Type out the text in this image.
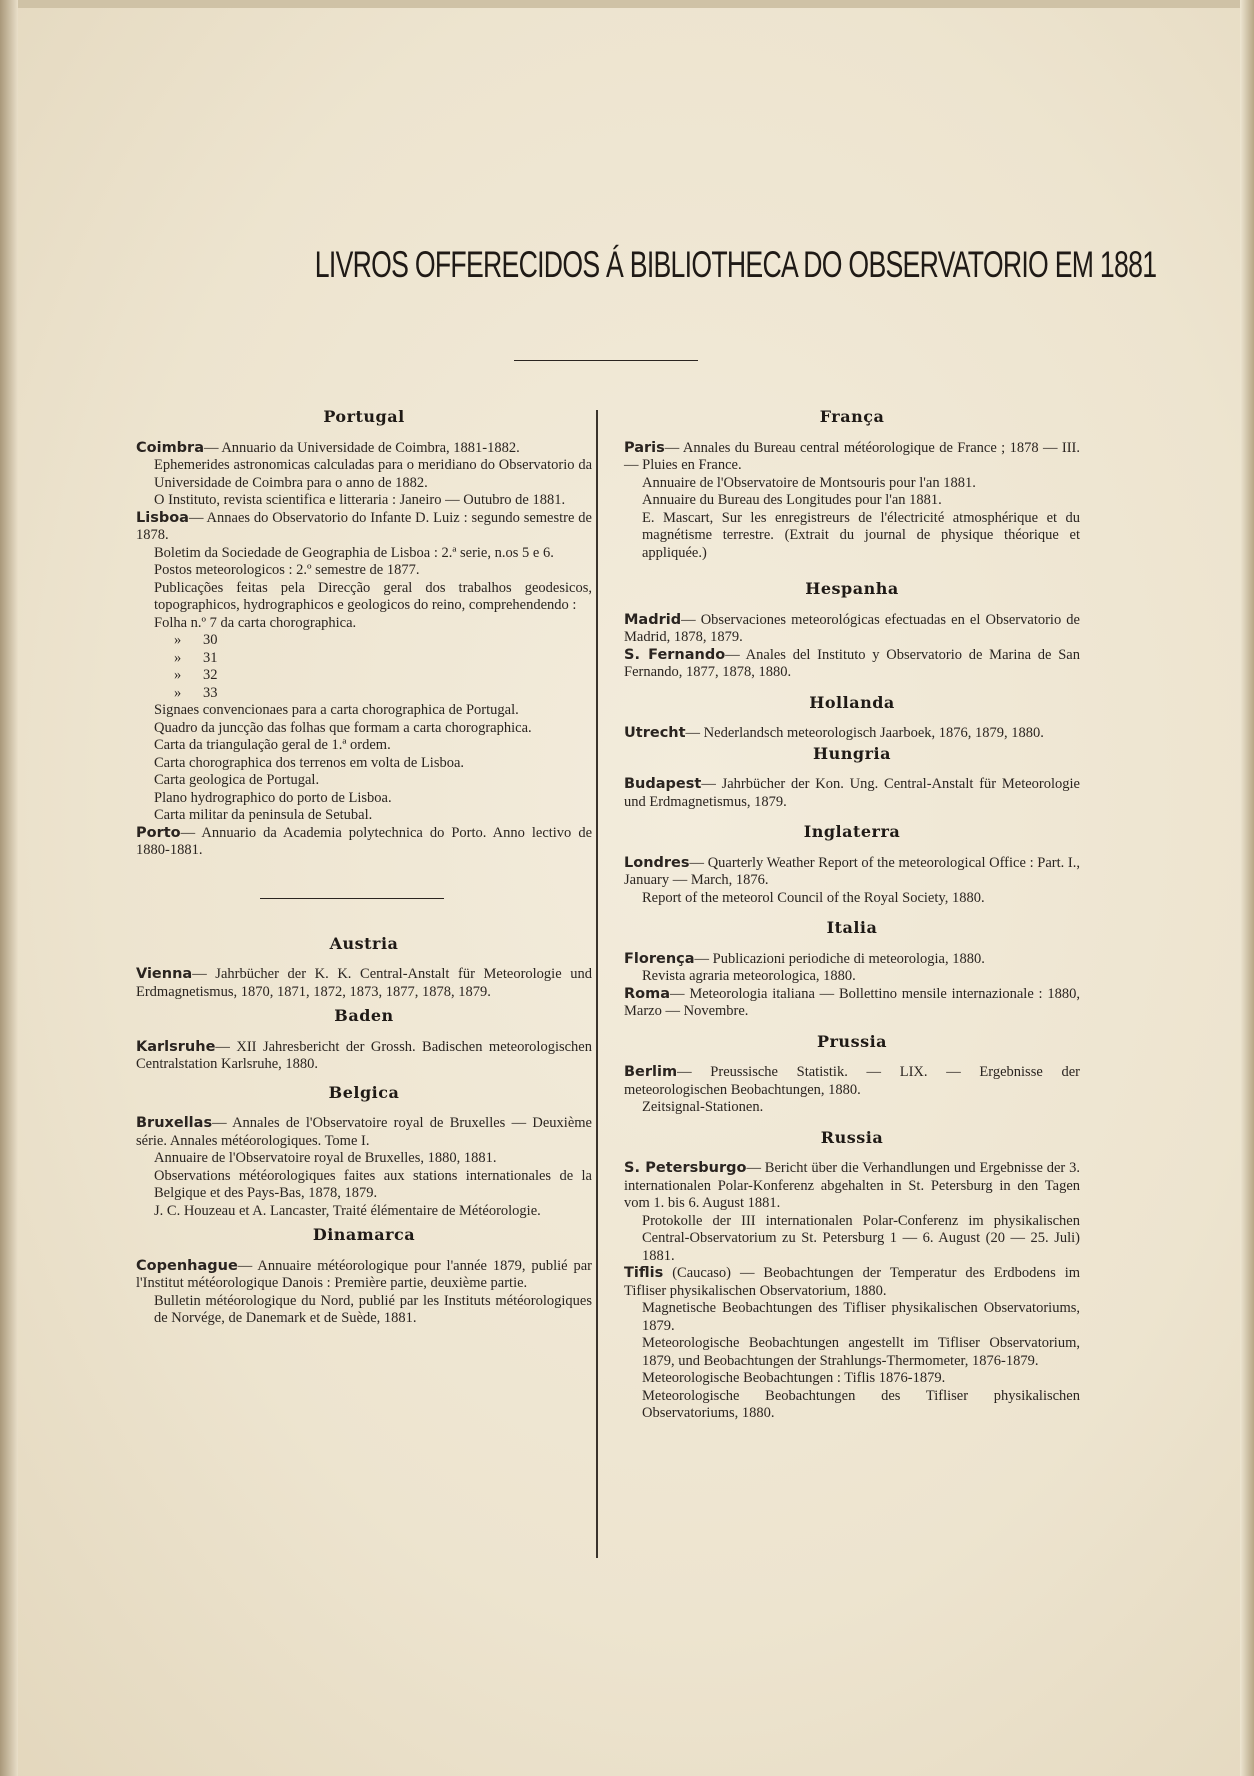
LIVROS OFFERECIDOS Á BIBLIOTHECA DO OBSERVATORIO EM 1881

Portugal

Coimbra— Annuario da Universidade de Coimbra, 1881-1882.

Ephemerides astronomicas calculadas para o meridiano do Observatorio da Universidade de Coimbra para o anno de 1882.

O Instituto, revista scientifica e litteraria : Janeiro — Outubro de 1881.

Lisboa— Annaes do Observatorio do Infante D. Luiz : segundo semestre de 1878.

Boletim da Sociedade de Geographia de Lisboa : 2.ª serie, n.os 5 e 6.

Postos meteorologicos : 2.º semestre de 1877.

Publicações feitas pela Direcção geral dos trabalhos geodesicos, topographicos, hydrographicos e geologicos do reino, comprehendendo :

Folha n.º 7 da carta chorographica.

»      30

»      31

»      32

»      33

Signaes convencionaes para a carta chorographica de Portugal.

Quadro da juncção das folhas que formam a carta chorographica.

Carta da triangulação geral de 1.ª ordem.

Carta chorographica dos terrenos em volta de Lisboa.

Carta geologica de Portugal.

Plano hydrographico do porto de Lisboa.

Carta militar da peninsula de Setubal.

Porto— Annuario da Academia polytechnica do Porto. Anno lectivo de 1880-1881.

Austria

Vienna— Jahrbücher der K. K. Central-Anstalt für Meteorologie und Erdmagnetismus, 1870, 1871, 1872, 1873, 1877, 1878, 1879.

Baden

Karlsruhe— XII Jahresbericht der Grossh. Badischen meteorologischen Centralstation Karlsruhe, 1880.

Belgica

Bruxellas— Annales de l'Observatoire royal de Bruxelles — Deuxième série. Annales météorologiques. Tome I.

Annuaire de l'Observatoire royal de Bruxelles, 1880, 1881.

Observations météorologiques faites aux stations internationales de la Belgique et des Pays-Bas, 1878, 1879.

J. C. Houzeau et A. Lancaster, Traité élémentaire de Météorologie.

Dinamarca

Copenhague— Annuaire météorologique pour l'année 1879, publié par l'Institut météorologique Danois : Première partie, deuxième partie.

Bulletin météorologique du Nord, publié par les Instituts météorologiques de Norvége, de Danemark et de Suède, 1881.

França

Paris— Annales du Bureau central météorologique de France ; 1878 — III. — Pluies en France.

Annuaire de l'Observatoire de Montsouris pour l'an 1881.

Annuaire du Bureau des Longitudes pour l'an 1881.

E. Mascart, Sur les enregistreurs de l'électricité atmosphérique et du magnétisme terrestre. (Extrait du journal de physique théorique et appliquée.)

Hespanha

Madrid— Observaciones meteorológicas efectuadas en el Observatorio de Madrid, 1878, 1879.

S. Fernando— Anales del Instituto y Observatorio de Marina de San Fernando, 1877, 1878, 1880.

Hollanda

Utrecht— Nederlandsch meteorologisch Jaarboek, 1876, 1879, 1880.

Hungria

Budapest— Jahrbücher der Kon. Ung. Central-Anstalt für Meteorologie und Erdmagnetismus, 1879.

Inglaterra

Londres— Quarterly Weather Report of the meteorological Office : Part. I., January — March, 1876.

Report of the meteorol Council of the Royal Society, 1880.

Italia

Florença— Publicazioni periodiche di meteorologia, 1880.

Revista agraria meteorologica, 1880.

Roma— Meteorologia italiana — Bollettino mensile internazionale : 1880, Marzo — Novembre.

Prussia

Berlim— Preussische Statistik. — LIX. — Ergebnisse der meteorologischen Beobachtungen, 1880.

Zeitsignal-Stationen.

Russia

S. Petersburgo— Bericht über die Verhandlungen und Ergebnisse der 3. internationalen Polar-Konferenz abgehalten in St. Petersburg in den Tagen vom 1. bis 6. August 1881.

Protokolle der III internationalen Polar-Conferenz im physikalischen Central-Observatorium zu St. Petersburg 1 — 6. August (20 — 25. Juli) 1881.

Tiflis (Caucaso) — Beobachtungen der Temperatur des Erdbodens im Tifliser physikalischen Observatorium, 1880.

Magnetische Beobachtungen des Tifliser physikalischen Observatoriums, 1879.

Meteorologische Beobachtungen angestellt im Tifliser Observatorium, 1879, und Beobachtungen der Strahlungs-Thermometer, 1876-1879.

Meteorologische Beobachtungen : Tiflis 1876-1879.

Meteorologische Beobachtungen des Tifliser physikalischen Observatoriums, 1880.
